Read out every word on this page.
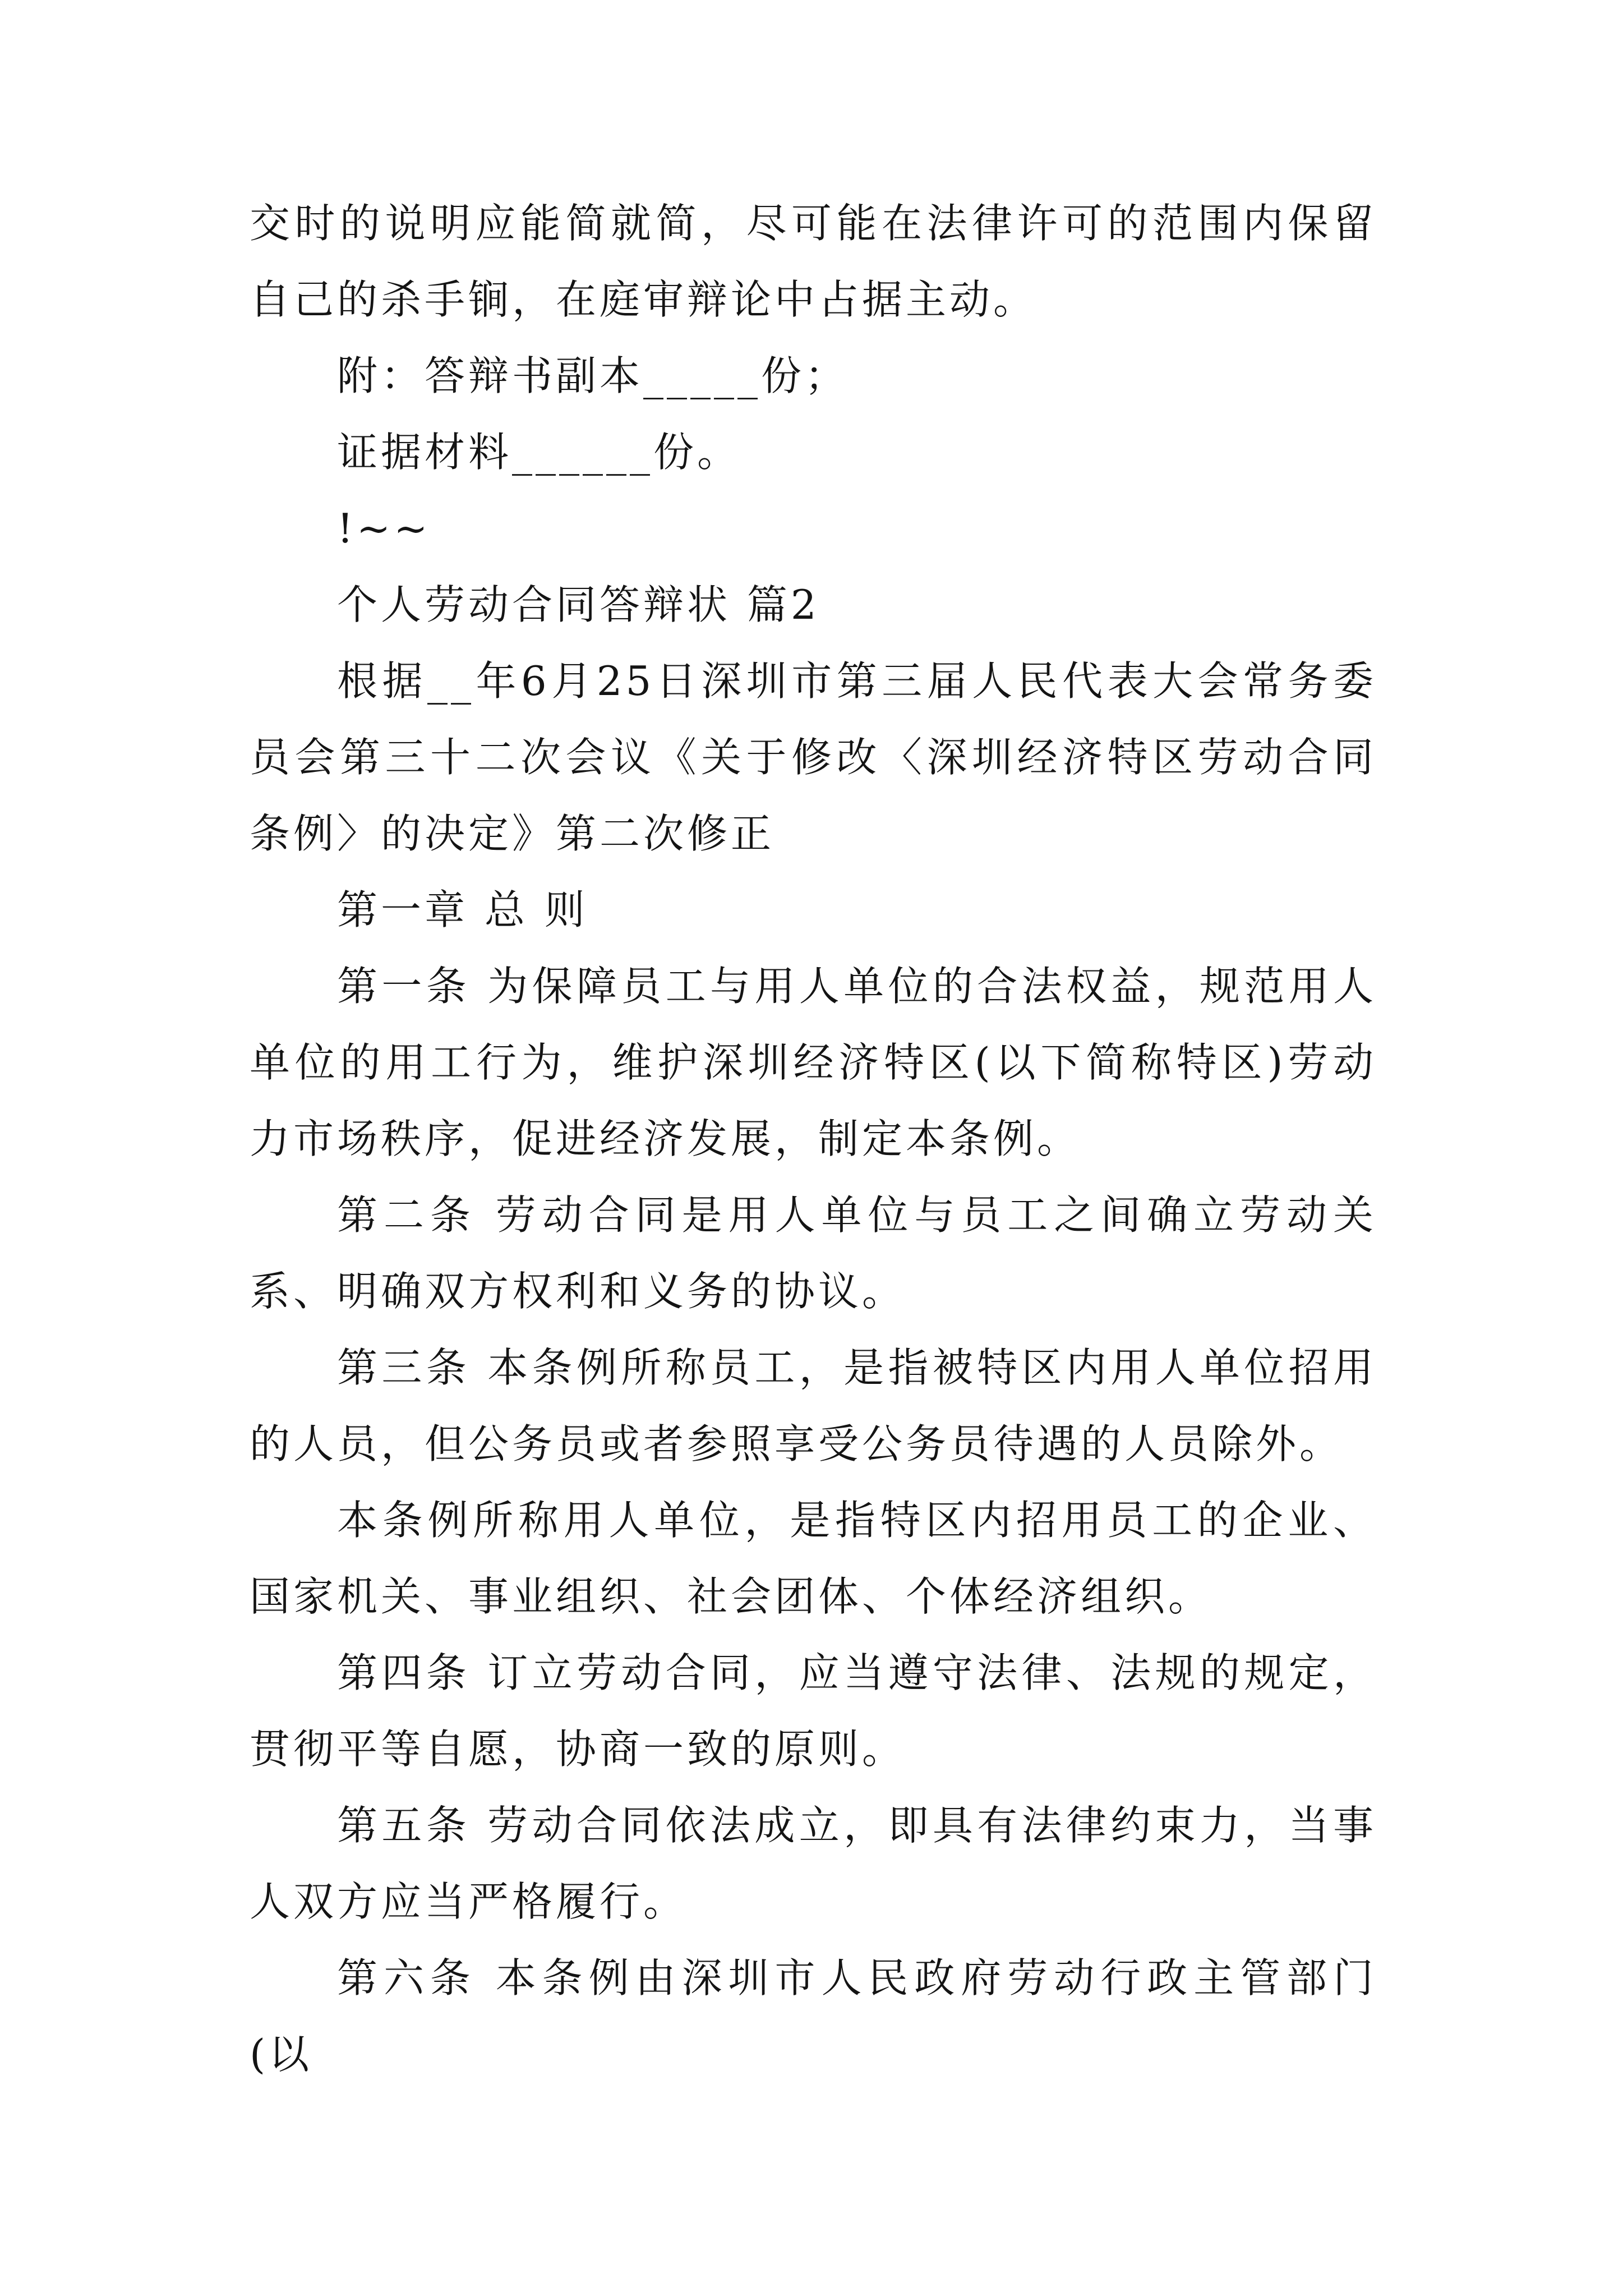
交时的说明应能简就简，尽可能在法律许可的范围内保留自己的杀手锏，在庭审辩论中占据主动。

附：答辩书副本_____份；

证据材料______份。

!~~

个人劳动合同答辩状 篇2

根据__年6月25日深圳市第三届人民代表大会常务委员会第三十二次会议《关于修改〈深圳经济特区劳动合同条例〉的决定》第二次修正

第一章 总 则

第一条 为保障员工与用人单位的合法权益，规范用人单位的用工行为，维护深圳经济特区(以下简称特区)劳动力市场秩序，促进经济发展，制定本条例。

第二条 劳动合同是用人单位与员工之间确立劳动关系、明确双方权利和义务的协议。

第三条 本条例所称员工，是指被特区内用人单位招用的人员，但公务员或者参照享受公务员待遇的人员除外。

本条例所称用人单位，是指特区内招用员工的企业、国家机关、事业组织、社会团体、个体经济组织。

第四条 订立劳动合同，应当遵守法律、法规的规定，贯彻平等自愿，协商一致的原则。

第五条 劳动合同依法成立，即具有法律约束力，当事人双方应当严格履行。

第六条 本条例由深圳市人民政府劳动行政主管部门(以
